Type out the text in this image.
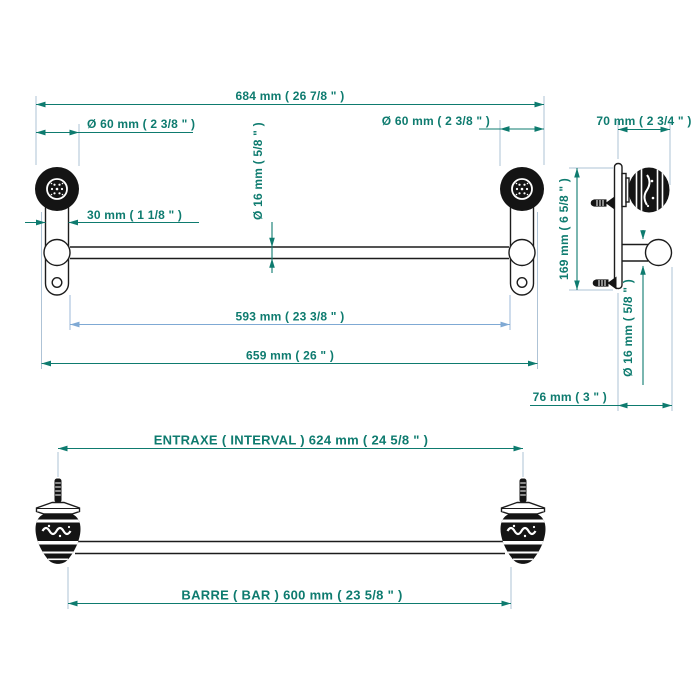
684 mm ( 26 7/8 " )
Ø 60 mm ( 2 3/8 " )	Ø 60 mm ( 2 3/8 " )
30 mm ( 1 1/8 " )	Ø 16 mm ( 5/8 " )
593 mm ( 23 3/8 " )
659 mm ( 26 " )
70 mm ( 2 3/4 " )
169 mm ( 6 5/8 " )
Ø 16 mm ( 5/8 " )
76 mm ( 3 " )
ENTRAXE ( INTERVAL ) 624 mm ( 24 5/8 " )
BARRE ( BAR ) 600 mm ( 23 5/8 " )
